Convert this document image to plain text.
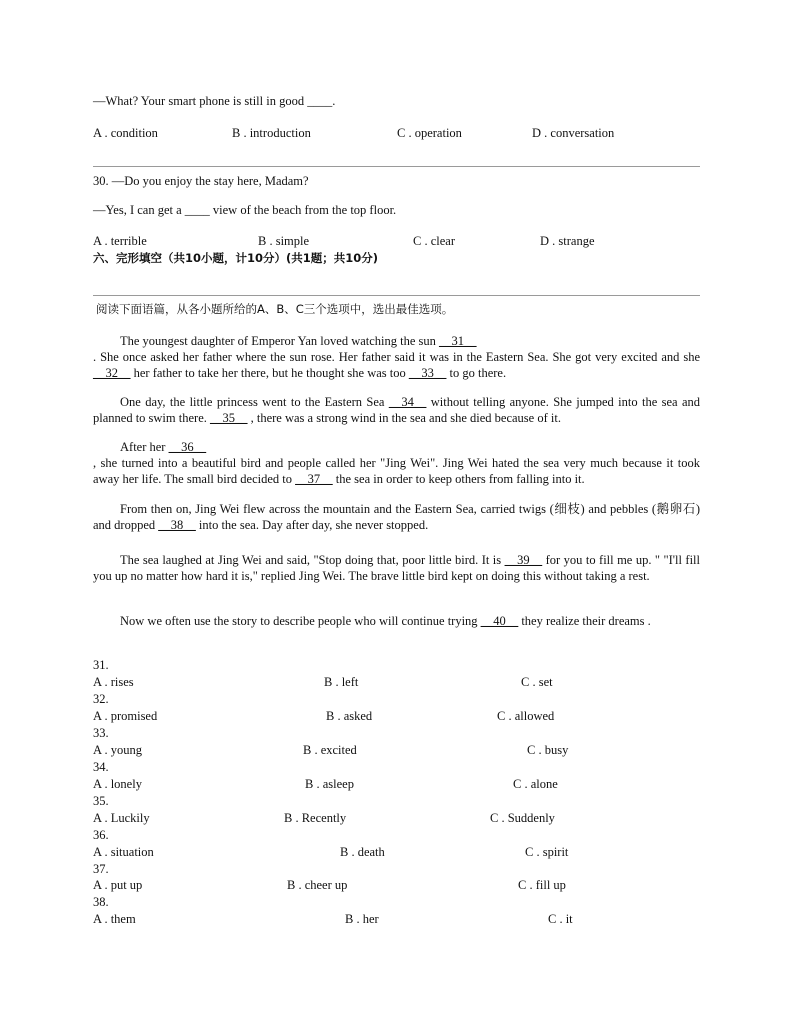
—What? Your smart phone is still in good ____.
A . condition	B . introduction	C . operation	D . conversation
30. —Do you enjoy the stay here, Madam?
—Yes, I can get a ____ view of the beach from the top floor.
A . terrible	B . simple	C . clear	D . strange
六、完形填空（共10小题，计10分）(共1题；共10分)
阅读下面语篇，从各小题所给的A、B、C三个选项中，选出最佳选项。
The youngest daughter of Emperor Yan loved watching the sun __31__
. She once asked her father where the sun rose. Her father said it was in the Eastern Sea. She got very excited and she __32__ her father to take her there, but he thought she was too __33__ to go there.
One day, the little princess went to the Eastern Sea __34__ without telling anyone. She jumped into the sea and planned to swim there. __35__ , there was a strong wind in the sea and she died because of it.
After her __36__
, she turned into a beautiful bird and people called her "Jing Wei". Jing Wei hated the sea very much because it took away her life. The small bird decided to __37__ the sea in order to keep others from falling into it.
From then on, Jing Wei flew across the mountain and the Eastern Sea, carried twigs (细枝) and pebbles (鹅卵石) and dropped __38__ into the sea. Day after day, she never stopped.
The sea laughed at Jing Wei and said, "Stop doing that, poor little bird. It is __39__ for you to fill me up. " "I'll fill you up no matter how hard it is," replied Jing Wei. The brave little bird kept on doing this without taking a rest.
Now we often use the story to describe people who will continue trying __40__ they realize their dreams .
31.
A . rises	B . left	C . set
32.
A . promised	B . asked	C . allowed
33.
A . young	B . excited	C . busy
34.
A . lonely	B . asleep	C . alone
35.
A . Luckily	B . Recently	C . Suddenly
36.
A . situation	B . death	C . spirit
37.
A . put up	B . cheer up	C . fill up
38.
A . them	B . her	C . it
